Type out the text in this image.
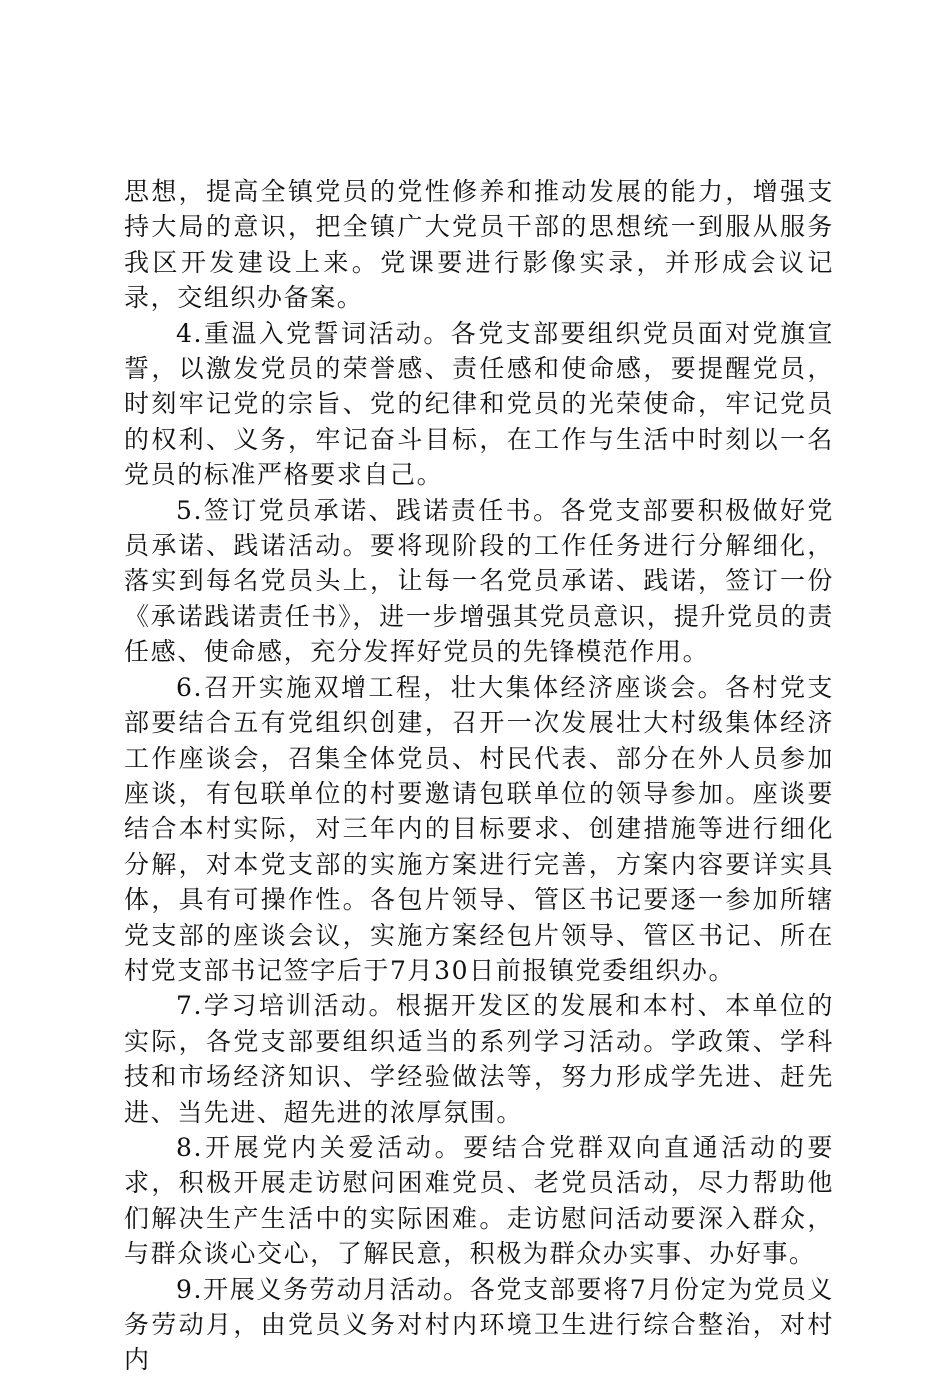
思想，提高全镇党员的党性修养和推动发展的能力，增强支持大局的意识，把全镇广大党员干部的思想统一到服从服务我区开发建设上来。党课要进行影像实录，并形成会议记录，交组织办备案。

4.重温入党誓词活动。各党支部要组织党员面对党旗宣誓，以激发党员的荣誉感、责任感和使命感，要提醒党员，时刻牢记党的宗旨、党的纪律和党员的光荣使命，牢记党员的权利、义务，牢记奋斗目标，在工作与生活中时刻以一名党员的标准严格要求自己。

5.签订党员承诺、践诺责任书。各党支部要积极做好党员承诺、践诺活动。要将现阶段的工作任务进行分解细化，落实到每名党员头上，让每一名党员承诺、践诺，签订一份《承诺践诺责任书》，进一步增强其党员意识，提升党员的责任感、使命感，充分发挥好党员的先锋模范作用。

6.召开实施双增工程，壮大集体经济座谈会。各村党支部要结合五有党组织创建，召开一次发展壮大村级集体经济工作座谈会，召集全体党员、村民代表、部分在外人员参加座谈，有包联单位的村要邀请包联单位的领导参加。座谈要结合本村实际，对三年内的目标要求、创建措施等进行细化分解，对本党支部的实施方案进行完善，方案内容要详实具体，具有可操作性。各包片领导、管区书记要逐一参加所辖党支部的座谈会议，实施方案经包片领导、管区书记、所在村党支部书记签字后于7月30日前报镇党委组织办。

7.学习培训活动。根据开发区的发展和本村、本单位的实际，各党支部要组织适当的系列学习活动。学政策、学科技和市场经济知识、学经验做法等，努力形成学先进、赶先进、当先进、超先进的浓厚氛围。

8.开展党内关爱活动。要结合党群双向直通活动的要求，积极开展走访慰问困难党员、老党员活动，尽力帮助他们解决生产生活中的实际困难。走访慰问活动要深入群众，与群众谈心交心，了解民意，积极为群众办实事、办好事。

9.开展义务劳动月活动。各党支部要将7月份定为党员义务劳动月，由党员义务对村内环境卫生进行综合整治，对村内
